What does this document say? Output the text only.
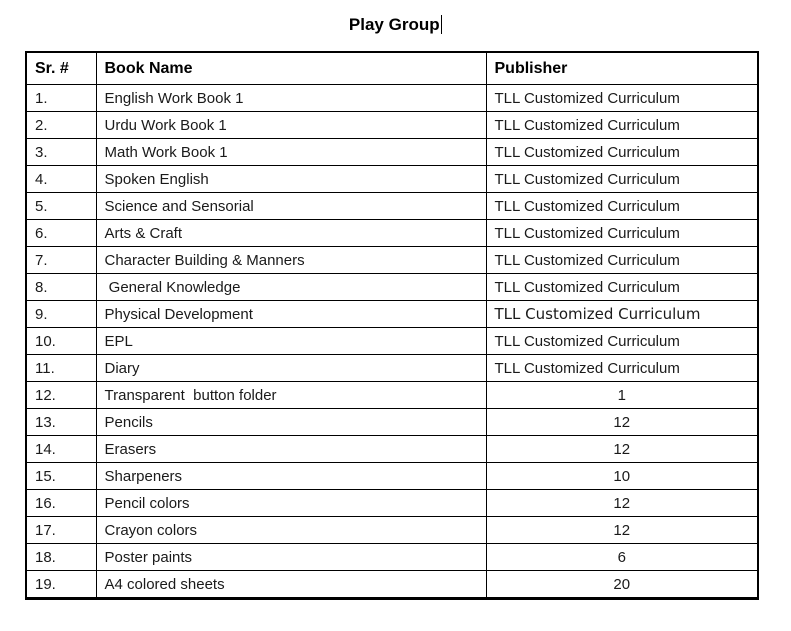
Play Group
Sr. #	Book Name	Publisher
1.	English Work Book 1	TLL Customized Curriculum
2.	Urdu Work Book 1	TLL Customized Curriculum
3.	Math Work Book 1	TLL Customized Curriculum
4.	Spoken English	TLL Customized Curriculum
5.	Science and Sensorial	TLL Customized Curriculum
6.	Arts & Craft	TLL Customized Curriculum
7.	Character Building & Manners	TLL Customized Curriculum
8.	General Knowledge	TLL Customized Curriculum
9.	Physical Development	TLL Customized Curriculum
10.	EPL	TLL Customized Curriculum
11.	Diary	TLL Customized Curriculum
12.	Transparent  button folder	1
13.	Pencils	12
14.	Erasers	12
15.	Sharpeners	10
16.	Pencil colors	12
17.	Crayon colors	12
18.	Poster paints	6
19.	A4 colored sheets	20
